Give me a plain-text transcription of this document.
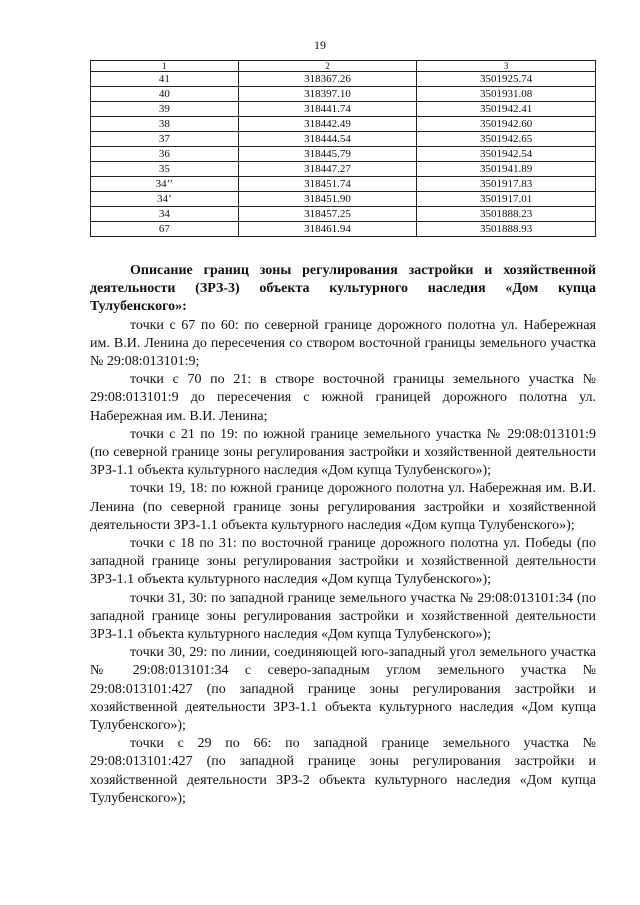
19
1	2	3
41	318367.26	3501925.74
40	318397.10	3501931.08
39	318441.74	3501942.41
38	318442.49	3501942.60
37	318444.54	3501942.65
36	318445.79	3501942.54
35	318447.27	3501941.89
34’’	318451.74	3501917.83
34’	318451.90	3501917.01
34	318457.25	3501888.23
67	318461.94	3501888.93

Описание границ зоны регулирования застройки и хозяйственной деятельности (ЗРЗ-3) объекта культурного наследия «Дом купца Тулубенского»:

точки с 67 по 60: по северной границе дорожного полотна ул. Набережная им. В.И. Ленина до пересечения со створом восточной границы земельного участка № 29:08:013101:9;

точки с 70 по 21: в створе восточной границы земельного участка № 29:08:013101:9 до пересечения с южной границей дорожного полотна ул. Набережная им. В.И. Ленина;

точки с 21 по 19: по южной границе земельного участка № 29:08:013101:9 (по северной границе зоны регулирования застройки и хозяйственной деятельности ЗРЗ-1.1 объекта культурного наследия «Дом купца Тулубенского»);

точки 19, 18: по южной границе дорожного полотна ул. Набережная им. В.И. Ленина (по северной границе зоны регулирования застройки и хозяйственной деятельности ЗРЗ-1.1 объекта культурного наследия «Дом купца Тулубенского»);

точки с 18 по 31: по восточной границе дорожного полотна ул. Победы (по западной границе зоны регулирования застройки и хозяйственной деятельности ЗРЗ-1.1 объекта культурного наследия «Дом купца Тулубенского»);

точки 31, 30: по западной границе земельного участка № 29:08:013101:34 (по западной границе зоны регулирования застройки и хозяйственной деятельности ЗРЗ-1.1 объекта культурного наследия «Дом купца Тулубенского»);

точки 30, 29: по линии, соединяющей юго-западный угол земельного участка № 29:08:013101:34 с северо-западным углом земельного участка № 29:08:013101:427 (по западной границе зоны регулирования застройки и хозяйственной деятельности ЗРЗ-1.1 объекта культурного наследия «Дом купца Тулубенского»);

точки с 29 по 66: по западной границе земельного участка № 29:08:013101:427 (по западной границе зоны регулирования застройки и хозяйственной деятельности ЗРЗ-2 объекта культурного наследия «Дом купца Тулубенского»);
